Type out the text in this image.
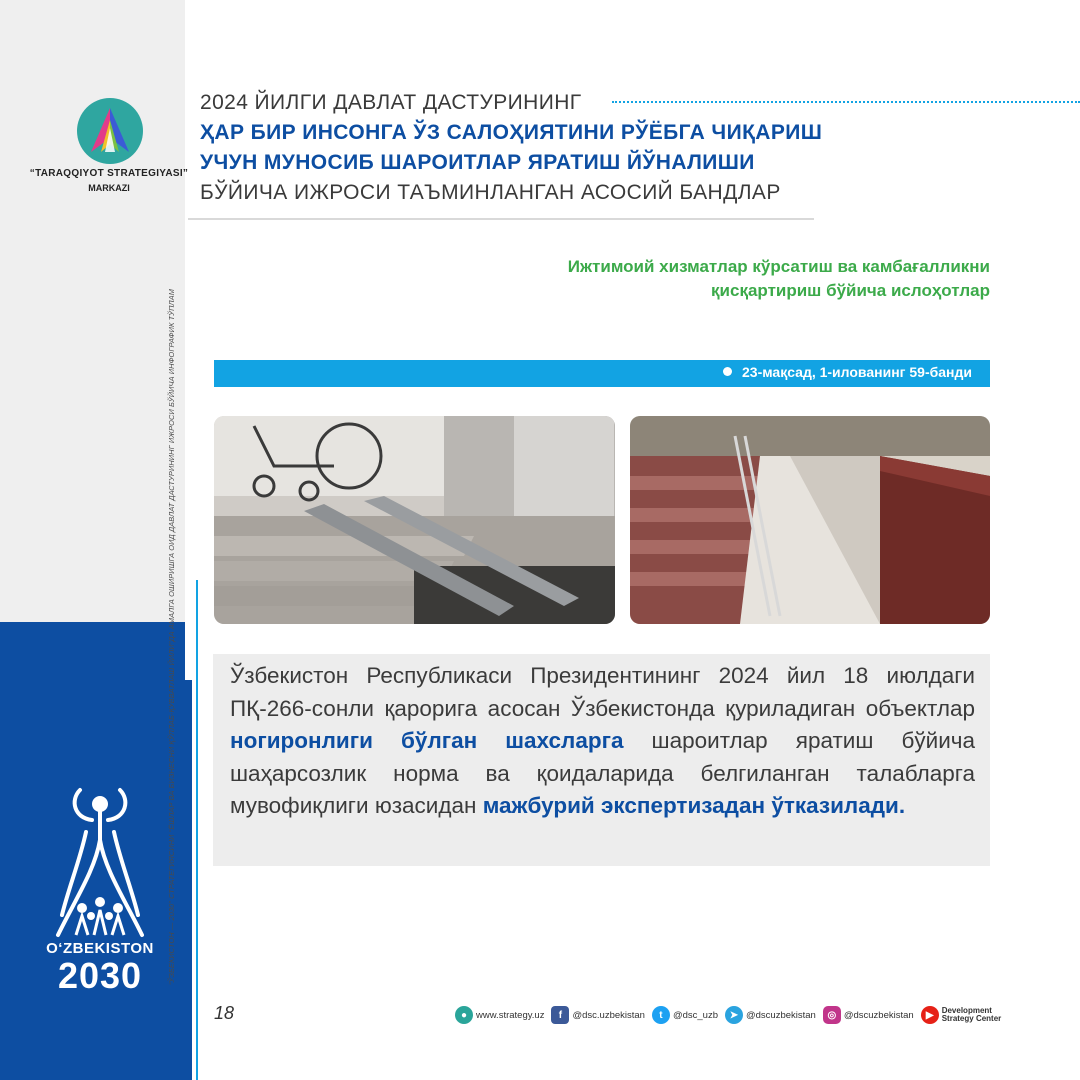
“TARAQQIYOT STRATEGIYASI”
MARKAZI
“ЎЗБЕКИСТОН — 2030” СТРАТЕГИЯСИНИ “ЁШЛАР ВА БИЗНЕСНИ ҚЎЛЛАБ-ҚУВВАТЛАШ ЙИЛИ”ДА АМАЛГА ОШИРИШГА ОИД ДАВЛАТ ДАСТУРИНИНГ ИЖРОСИ БЎЙИЧА ИНФОГРАФИК ТЎПЛАМ
O‘ZBEKISTON
2030
2024 ЙИЛГИ ДАВЛАТ ДАСТУРИНИНГ
ҲАР БИР ИНСОНГА ЎЗ САЛОҲИЯТИНИ РЎЁБГА ЧИҚАРИШ
УЧУН МУНОСИБ ШАРОИТЛАР ЯРАТИШ ЙЎНАЛИШИ
БЎЙИЧА ИЖРОСИ ТАЪМИНЛАНГАН АСОСИЙ БАНДЛАР
Ижтимоий хизматлар кўрсатиш ва камбағалликни
қисқартириш бўйича ислоҳотлар
23-мақсад, 1-илованинг 59-банди
Ўзбекистон Республикаси Президентининг 2024 йил 18 июлдаги ПҚ-266-сонли қарорига асосан Ўзбекистонда қуриладиган объектлар ногиронлиги бўлган шахсларга шароитлар яратиш бўйича шаҳарсозлик норма ва қоидаларида белгиланган талабларга мувофиқлиги юзасидан мажбурий экспертизадан ўтказилади.
18	● www.strategy.uz	f	@dsc.uzbekistan	t	@dsc_uzb	➤ @dscuzbekistan	◎ @dscuzbekistan	▶	Development
Strategy Center
